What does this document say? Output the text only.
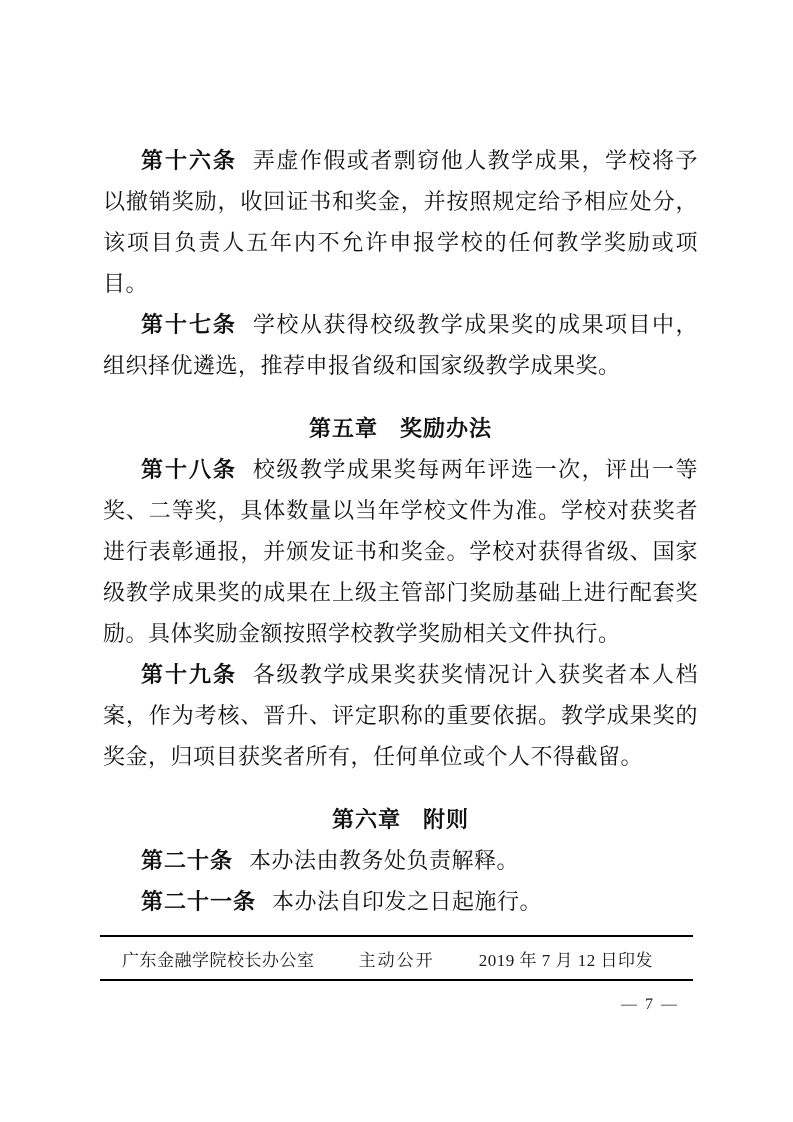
第十六条 弄虚作假或者剽窃他人教学成果，学校将予以撤销奖励，收回证书和奖金，并按照规定给予相应处分，该项目负责人五年内不允许申报学校的任何教学奖励或项目。

第十七条 学校从获得校级教学成果奖的成果项目中，组织择优遴选，推荐申报省级和国家级教学成果奖。

第五章 奖励办法

第十八条 校级教学成果奖每两年评选一次，评出一等奖、二等奖，具体数量以当年学校文件为准。学校对获奖者进行表彰通报，并颁发证书和奖金。学校对获得省级、国家级教学成果奖的成果在上级主管部门奖励基础上进行配套奖励。具体奖励金额按照学校教学奖励相关文件执行。

第十九条 各级教学成果奖获奖情况计入获奖者本人档案，作为考核、晋升、评定职称的重要依据。教学成果奖的奖金，归项目获奖者所有，任何单位或个人不得截留。

第六章 附则

第二十条 本办法由教务处负责解释。

第二十一条 本办法自印发之日起施行。

广东金融学院校长办公室	主动公开	2019 年 7 月 12 日印发
— 7 —
